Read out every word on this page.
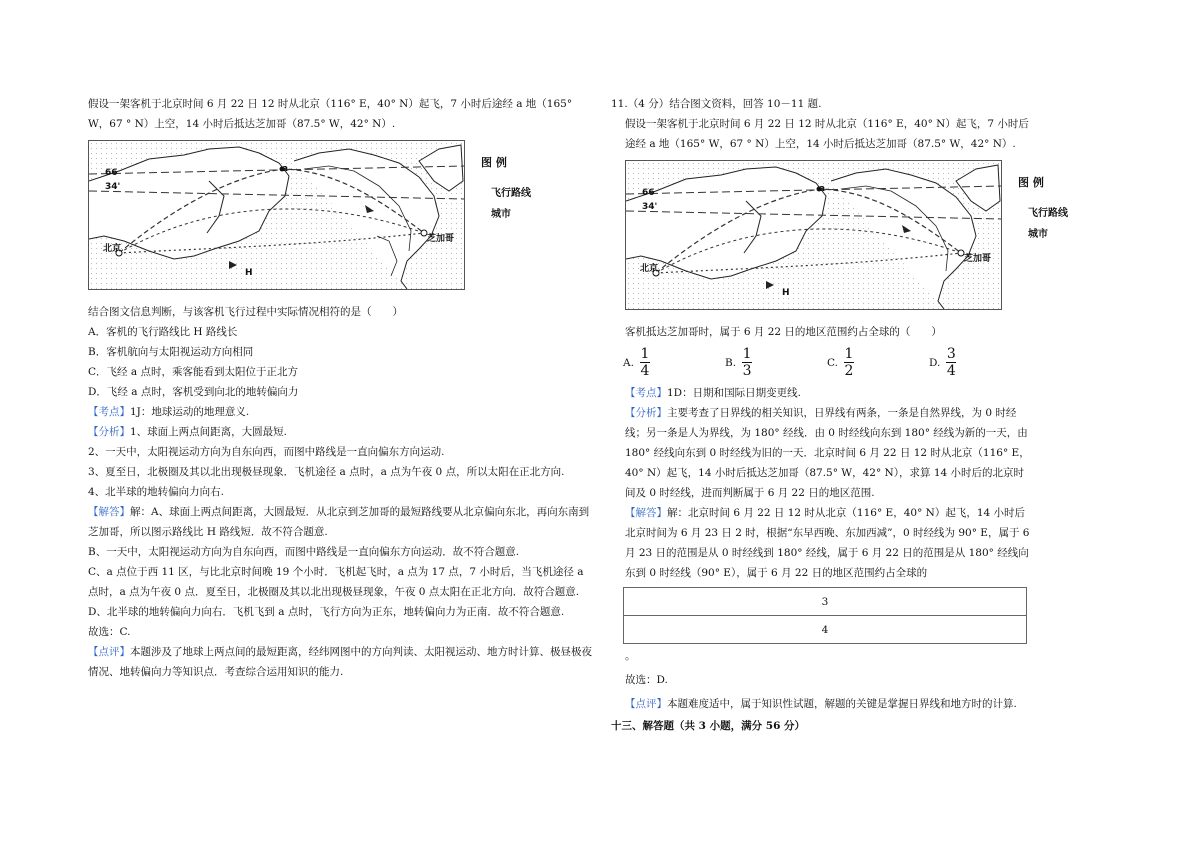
假设一架客机于北京时间 6 月 22 日 12 时从北京（116° E，40° N）起飞，7 小时后途经 a 地（165° W，67 ° N）上空，14 小时后抵达芝加哥（87.5° W，42° N）.

66
34'
北京
芝加哥
a
H
图 例
飞行路线
城市

结合图文信息判断，与该客机飞行过程中实际情况相符的是（　　）

A．客机的飞行路线比 H 路线长

B．客机航向与太阳视运动方向相同

C．飞经 a 点时，乘客能看到太阳位于正北方

D．飞经 a 点时，客机受到向北的地转偏向力

【考点】1J：地球运动的地理意义.

【分析】1、球面上两点间距离，大圆最短.

2、一天中，太阳视运动方向为自东向西，而图中路线是一直向偏东方向运动.

3、夏至日，北极圈及其以北出现极昼现象．飞机途径 a 点时，a 点为午夜 0 点，所以太阳在正北方向.

4、北半球的地转偏向力向右.

【解答】解：A、球面上两点间距离，大圆最短．从北京到芝加哥的最短路线要从北京偏向东北，再向东南到芝加哥，所以图示路线比 H 路线短．故不符合题意.

B、一天中，太阳视运动方向为自东向西，而图中路线是一直向偏东方向运动．故不符合题意.

C、a 点位于西 11 区，与比北京时间晚 19 个小时．飞机起飞时，a 点为 17 点，7 小时后，当飞机途径 a 点时，a 点为午夜 0 点．夏至日，北极圈及其以北出现极昼现象，午夜 0 点太阳在正北方向．故符合题意.

D、北半球的地转偏向力向右．飞机飞到 a 点时，飞行方向为正东，地转偏向力为正南．故不符合题意.

故选：C.

【点评】本题涉及了地球上两点间的最短距离，经纬网图中的方向判读、太阳视运动、地方时计算、极昼极夜情况、地转偏向力等知识点．考查综合运用知识的能力.

11.（4 分）结合图文资料，回答 10－11 题.

假设一架客机于北京时间 6 月 22 日 12 时从北京（116° E，40° N）起飞，7 小时后途经 a 地（165° W，67 ° N）上空，14 小时后抵达芝加哥（87.5° W，42° N）.

66
34'
北京
芝加哥
a
H
图 例
飞行路线
城市

客机抵达芝加哥时，属于 6 月 22 日的地区范围约占全球的（　　）

A. $\frac{1}{4}$	B. $\frac{1}{3}$	C. $\frac{1}{2}$	D. $\frac{3}{4}$

【考点】1D：日期和国际日期变更线.

【分析】主要考查了日界线的相关知识，日界线有两条，一条是自然界线，为 0 时经线；另一条是人为界线，为 180° 经线．由 0 时经线向东到 180° 经线为新的一天，由 180° 经线向东到 0 时经线为旧的一天．北京时间 6 月 22 日 12 时从北京（116° E，40° N）起飞，14 小时后抵达芝加哥（87.5° W，42° N），求算 14 小时后的北京时间及 0 时经线，进而判断属于 6 月 22 日的地区范围.

【解答】解：北京时间 6 月 22 日 12 时从北京（116° E，40° N）起飞，14 小时后北京时间为 6 月 23 日 2 时，根据“东早西晚、东加西减”，0 时经线为 90° E，属于 6 月 23 日的范围是从 0 时经线到 180° 经线，属于 6 月 22 日的范围是从 180° 经线向东到 0 时经线（90° E），属于 6 月 22 日的地区范围约占全球的

3
4

。

故选：D.

【点评】本题难度适中，属于知识性试题，解题的关键是掌握日界线和地方时的计算.

十三、解答题（共 3 小题，满分 56 分）
